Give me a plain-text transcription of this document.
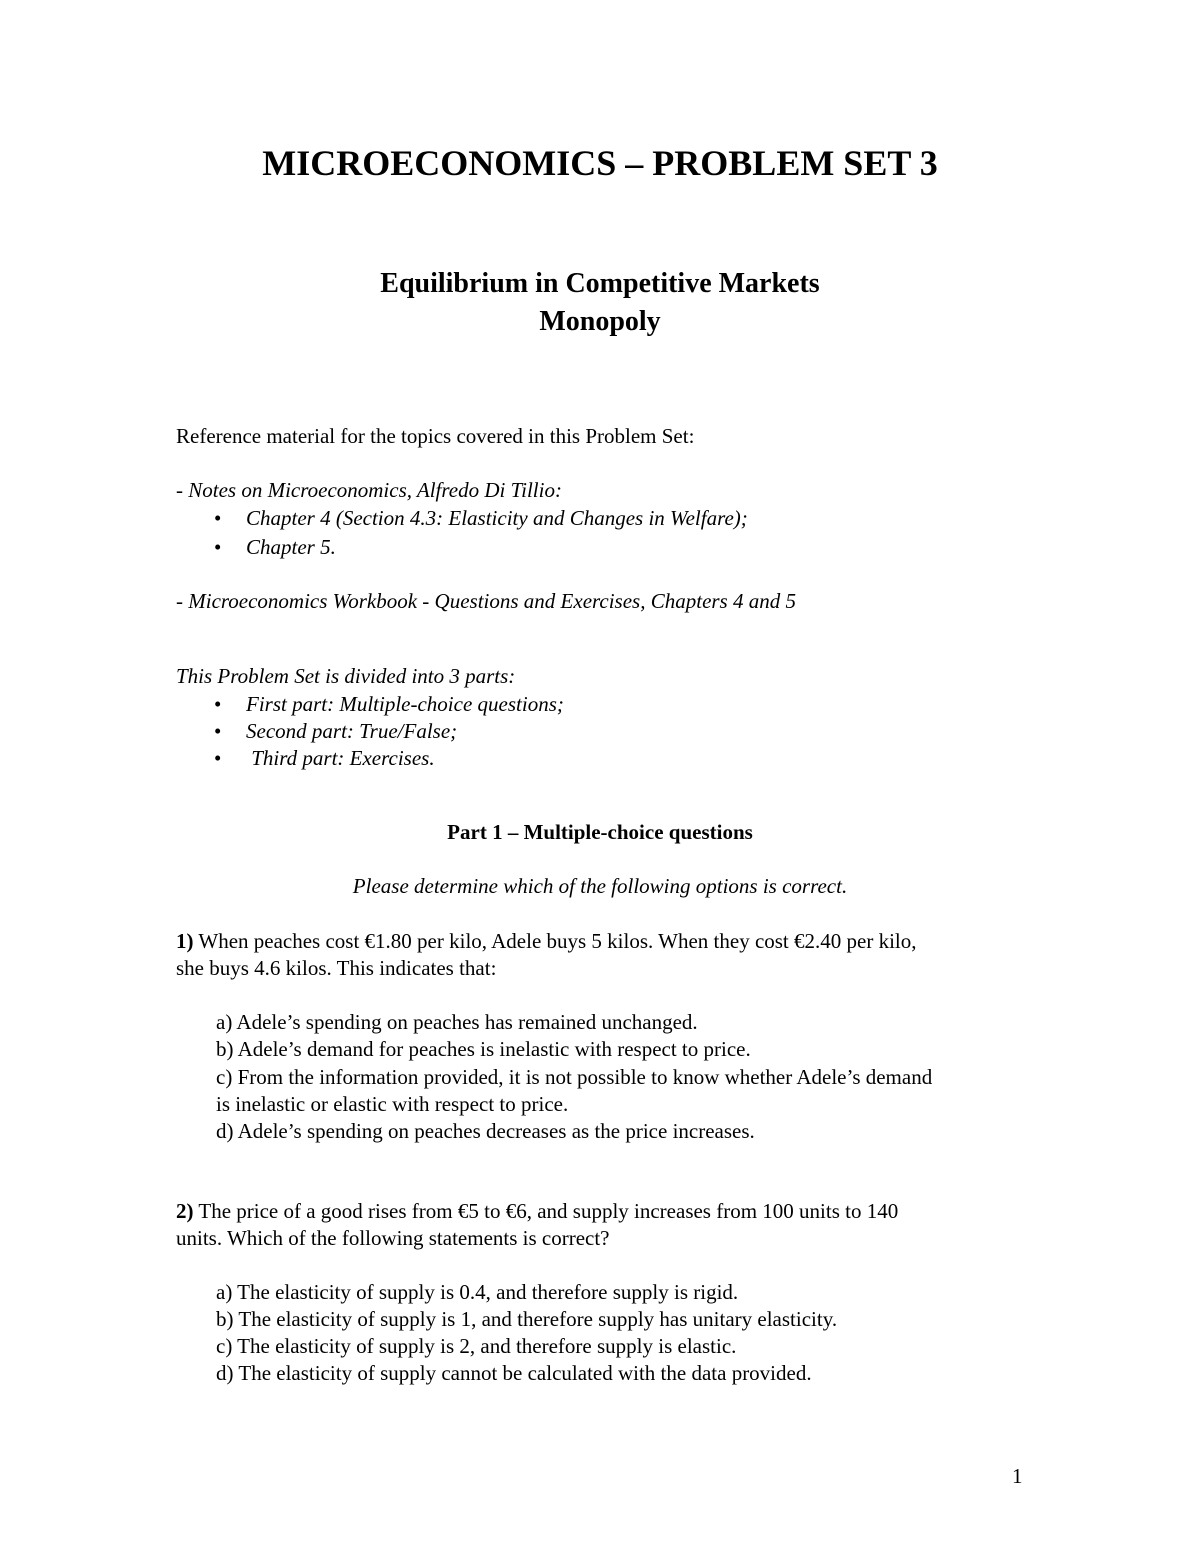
MICROECONOMICS – PROBLEM SET 3
Equilibrium in Competitive Markets
Monopoly
Reference material for the topics covered in this Problem Set:
- Notes on Microeconomics, Alfredo Di Tillio:
• Chapter 4 (Section 4.3: Elasticity and Changes in Welfare);
• Chapter 5.
- Microeconomics Workbook - Questions and Exercises, Chapters 4 and 5
This Problem Set is divided into 3 parts:
• First part: Multiple-choice questions;
• Second part: True/False;
• Third part: Exercises.
Part 1 – Multiple-choice questions
Please determine which of the following options is correct.
1) When peaches cost €1.80 per kilo, Adele buys 5 kilos. When they cost €2.40 per kilo,
she buys 4.6 kilos. This indicates that:
a) Adele’s spending on peaches has remained unchanged.
b) Adele’s demand for peaches is inelastic with respect to price.
c) From the information provided, it is not possible to know whether Adele’s demand
is inelastic or elastic with respect to price.
d) Adele’s spending on peaches decreases as the price increases.
2) The price of a good rises from €5 to €6, and supply increases from 100 units to 140
units. Which of the following statements is correct?
a) The elasticity of supply is 0.4, and therefore supply is rigid.
b) The elasticity of supply is 1, and therefore supply has unitary elasticity.
c) The elasticity of supply is 2, and therefore supply is elastic.
d) The elasticity of supply cannot be calculated with the data provided.
1
